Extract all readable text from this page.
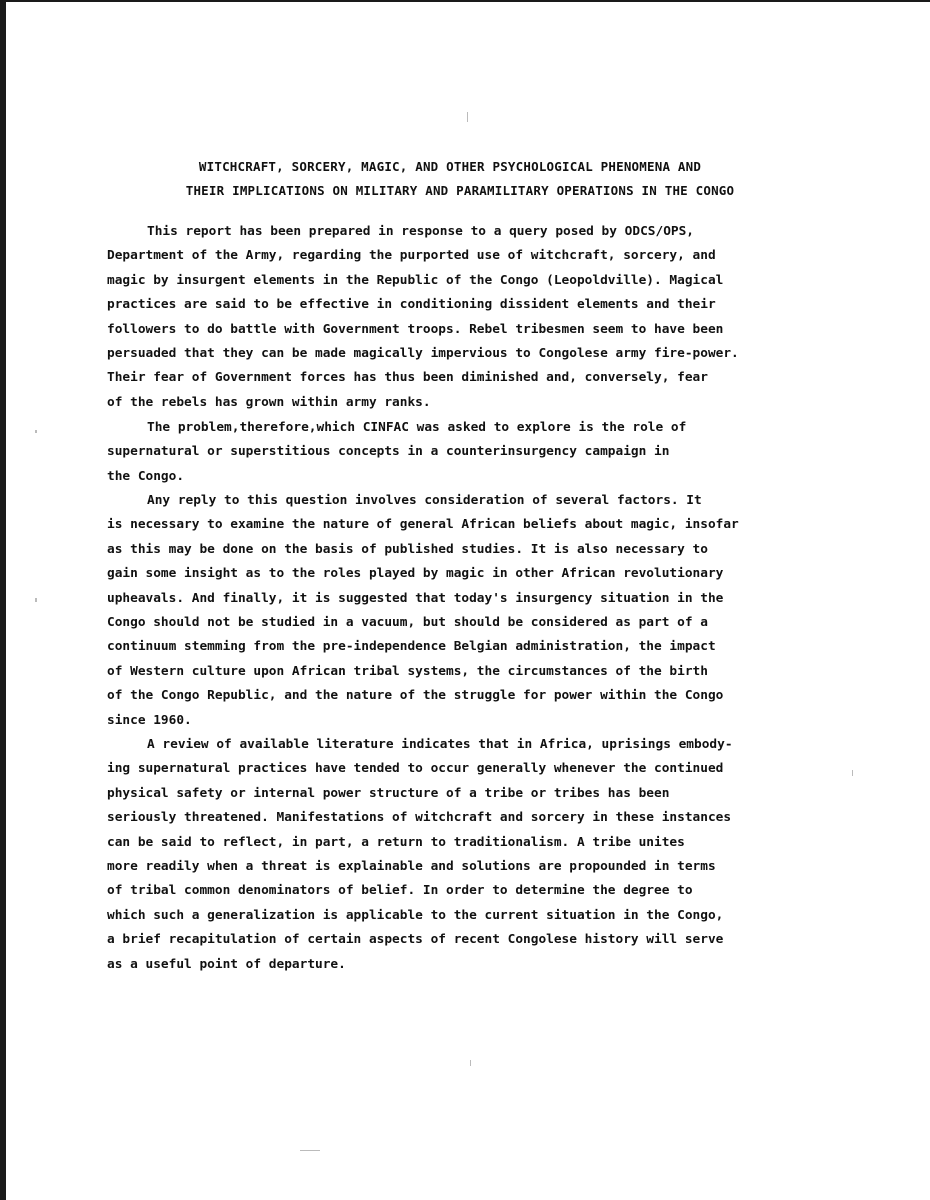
WITCHCRAFT, SORCERY, MAGIC, AND OTHER PSYCHOLOGICAL PHENOMENA AND
THEIR IMPLICATIONS ON MILITARY AND PARAMILITARY OPERATIONS IN THE CONGO
This report has been prepared in response to a query posed by ODCS/OPS,
Department of the Army, regarding the purported use of witchcraft, sorcery, and
magic by insurgent elements in the Republic of the Congo (Leopoldville). Magical
practices are said to be effective in conditioning dissident elements and their
followers to do battle with Government troops. Rebel tribesmen seem to have been
persuaded that they can be made magically impervious to Congolese army fire-power.
Their fear of Government forces has thus been diminished and, conversely, fear
of the rebels has grown within army ranks.
The problem,therefore,which CINFAC was asked to explore is the role of
supernatural or superstitious concepts in a counterinsurgency campaign in
the Congo.
Any reply to this question involves consideration of several factors. It
is necessary to examine the nature of general African beliefs about magic, insofar
as this may be done on the basis of published studies. It is also necessary to
gain some insight as to the roles played by magic in other African revolutionary
upheavals. And finally, it is suggested that today's insurgency situation in the
Congo should not be studied in a vacuum, but should be considered as part of a
continuum stemming from the pre-independence Belgian administration, the impact
of Western culture upon African tribal systems, the circumstances of the birth
of the Congo Republic, and the nature of the struggle for power within the Congo
since 1960.
A review of available literature indicates that in Africa, uprisings embody-
ing supernatural practices have tended to occur generally whenever the continued
physical safety or internal power structure of a tribe or tribes has been
seriously threatened. Manifestations of witchcraft and sorcery in these instances
can be said to reflect, in part, a return to traditionalism. A tribe unites
more readily when a threat is explainable and solutions are propounded in terms
of tribal common denominators of belief. In order to determine the degree to
which such a generalization is applicable to the current situation in the Congo,
a brief recapitulation of certain aspects of recent Congolese history will serve
as a useful point of departure.
